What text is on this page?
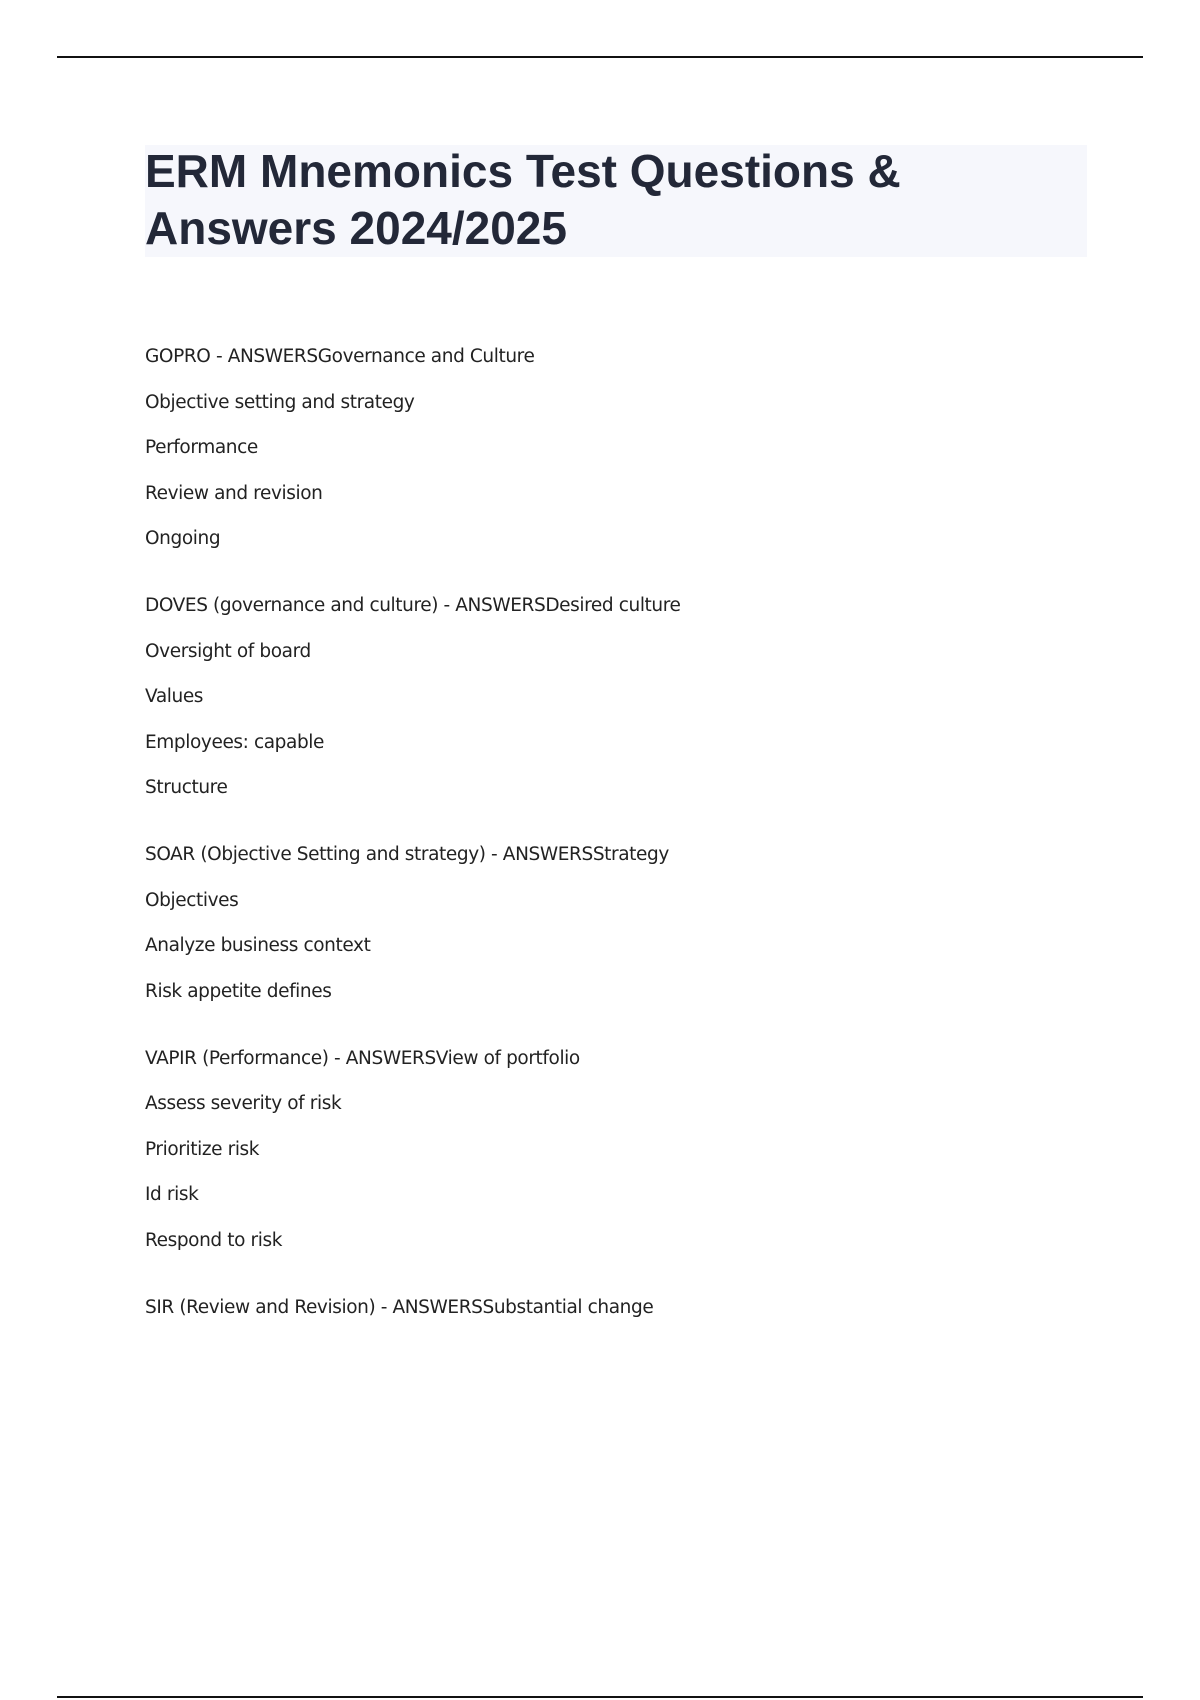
ERM Mnemonics Test Questions & Answers 2024/2025
GOPRO - ANSWERSGovernance and Culture
Objective setting and strategy
Performance
Review and revision
Ongoing
DOVES (governance and culture) - ANSWERSDesired culture
Oversight of board
Values
Employees: capable
Structure
SOAR (Objective Setting and strategy) - ANSWERSStrategy
Objectives
Analyze business context
Risk appetite defines
VAPIR (Performance) - ANSWERSView of portfolio
Assess severity of risk
Prioritize risk
Id risk
Respond to risk
SIR (Review and Revision) - ANSWERSSubstantial change
